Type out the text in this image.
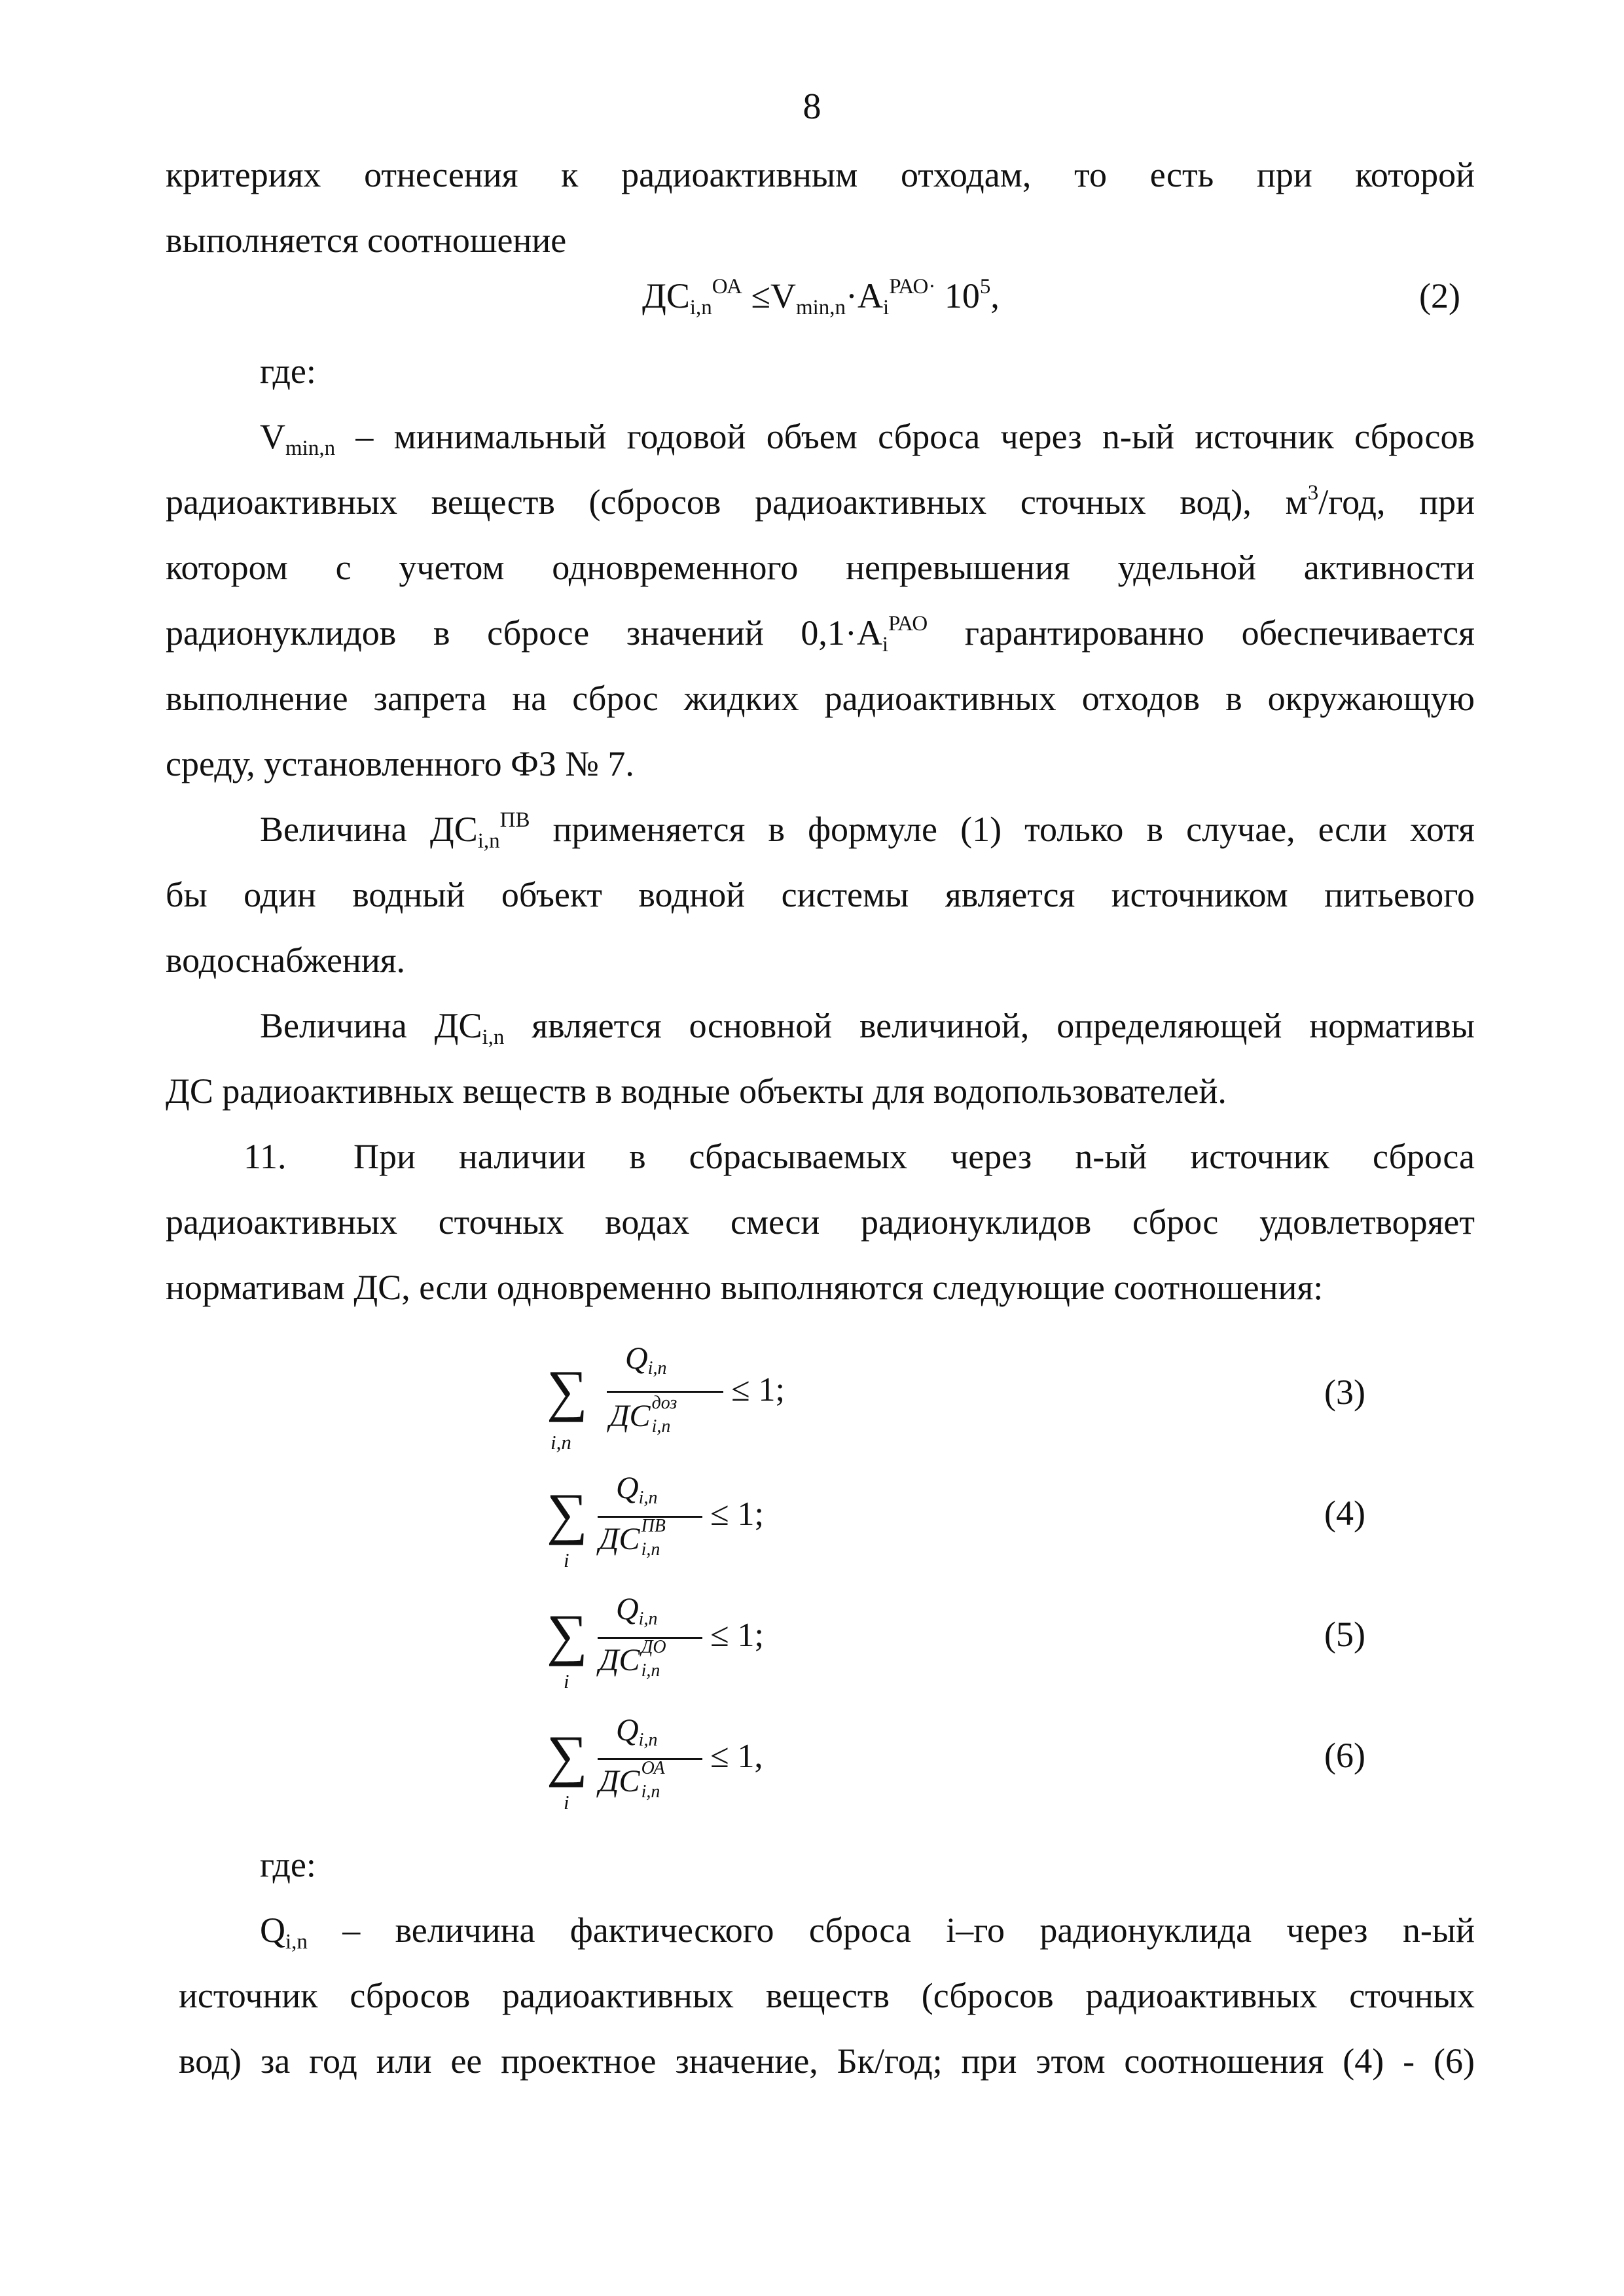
8
критериях отнесения к радиоактивным отходам, то есть при которой
выполняется соотношение
$ДС_{i,n}^{ОА} \le V_{min,n}\cdot A_i^{РАО\cdot}$ $10^5$,	(2)
где:
$V_{min,n}$ – минимальный годовой объем сброса через n-ый источник сбросов
радиоактивных веществ (сбросов радиоактивных сточных вод), $м^3$/год, при
котором с учетом одновременного непревышения удельной активности
радионуклидов в сбросе значений $0,1\cdot A_i^{РАО}$ гарантированно обеспечивается
выполнение запрета на сброс жидких радиоактивных отходов в окружающую
среду, установленного ФЗ № 7.
Величина $ДС_{i,n}^{ПВ}$ применяется в формуле (1) только в случае, если хотя
бы один водный объект водной системы является источником питьевого
водоснабжения.
Величина $ДС_{i,n}$ является основной величиной, определяющей нормативы
ДС радиоактивных веществ в водные объекты для водопользователей.
11.	При наличии в сбрасываемых через n-ый источник сброса
радиоактивных сточных водах смеси радионуклидов сброс удовлетворяет
нормативам ДС, если одновременно выполняются следующие соотношения:
∑
i,n
$Q_{i,n}$
ДС доз
i,n
≤ 1;	(3)
∑
i
$Q_{i,n}$
ДС ПВ
i,n
≤ 1;	(4)
∑
i
$Q_{i,n}$
ДС ДО
i,n
≤ 1;	(5)
∑
i
$Q_{i,n}$
ДС ОА
i,n
≤ 1,	(6)
где:
$Q_{i,n}$ – величина фактического сброса i–го радионуклида через n-ый
источник сбросов радиоактивных веществ (сбросов радиоактивных сточных
вод) за год или ее проектное значение, Бк/год; при этом соотношения (4) - (6)
